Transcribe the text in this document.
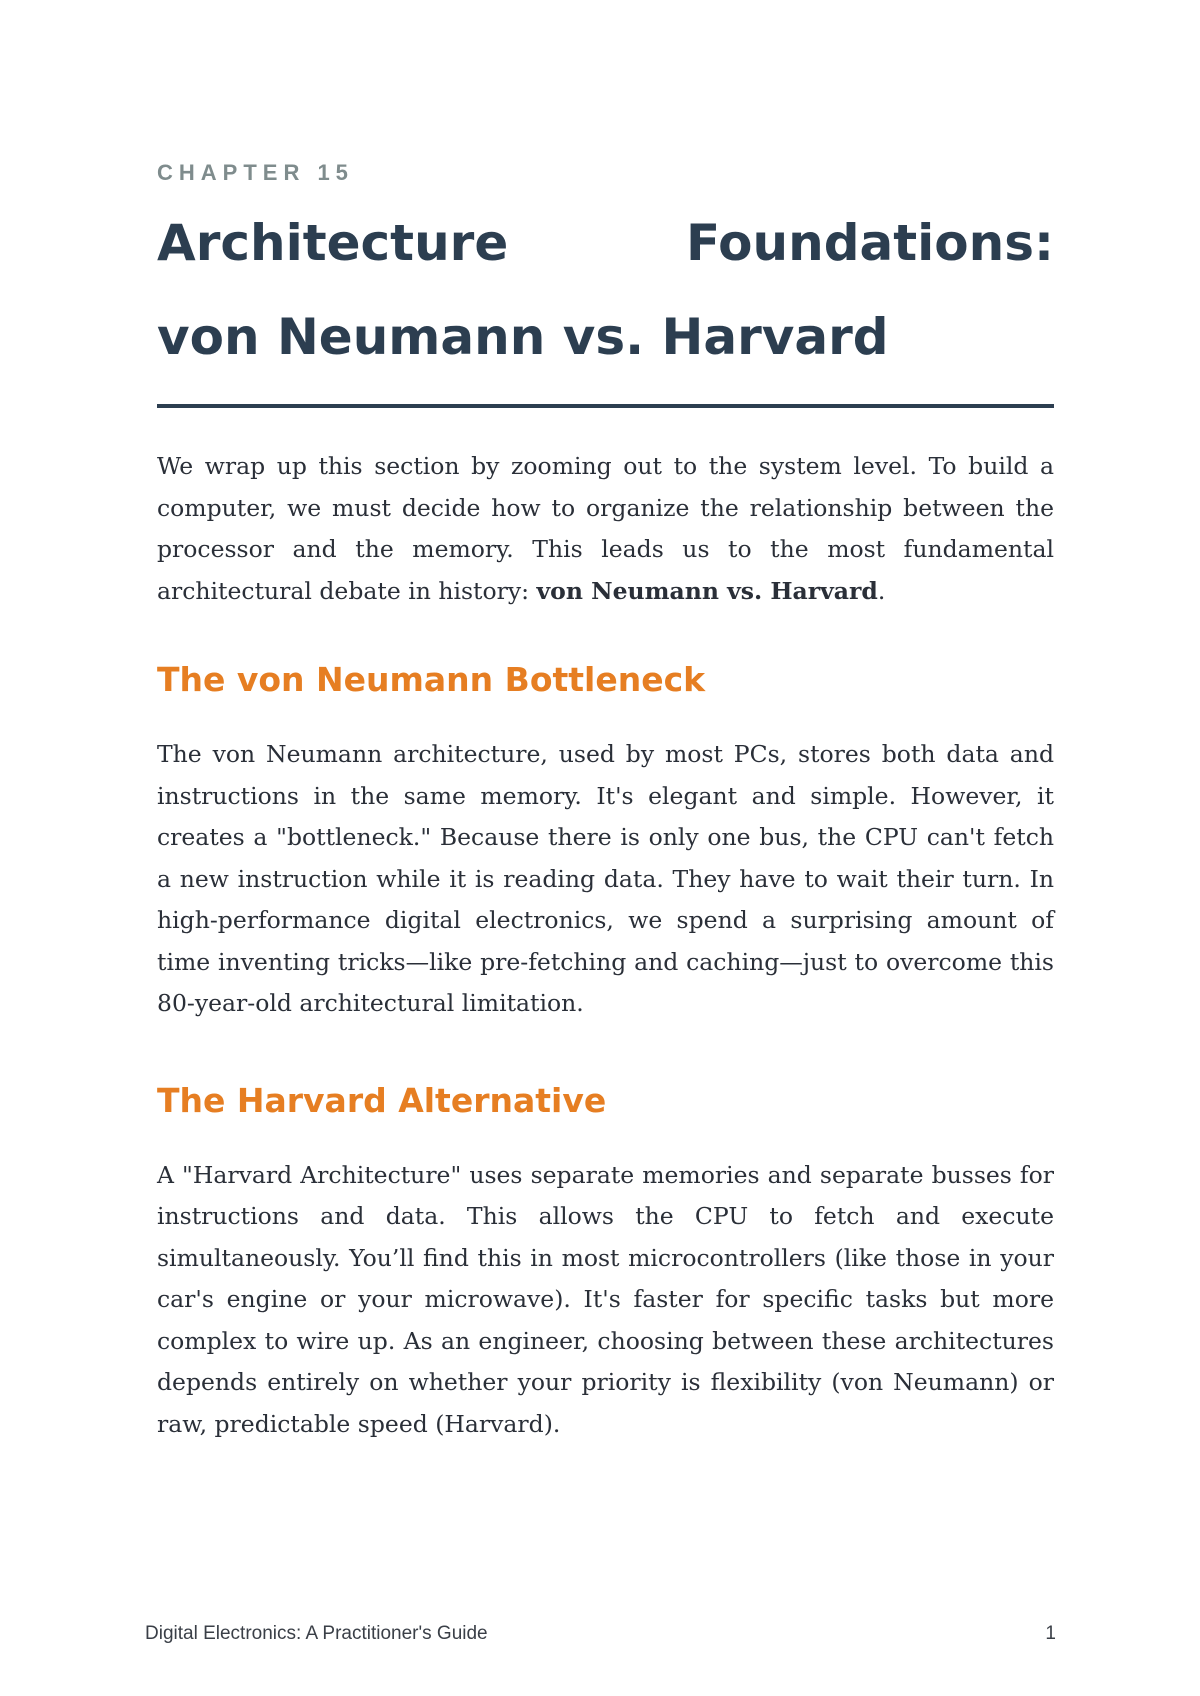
CHAPTER 15
Architecture	Foundations:
von Neumann vs. Harvard

We wrap up this section by zooming out to the system level. To build a computer, we must decide how to organize the relationship between the processor and the memory. This leads us to the most fundamental architectural debate in history: von Neumann vs. Harvard.

The von Neumann Bottleneck

The von Neumann architecture, used by most PCs, stores both data and instructions in the same memory. It's elegant and simple. However, it creates a "bottleneck." Because there is only one bus, the CPU can't fetch a new instruction while it is reading data. They have to wait their turn. In high-performance digital electronics, we spend a surprising amount of time inventing tricks—like pre-fetching and caching—just to overcome this 80-year-old architectural limitation.

The Harvard Alternative

A "Harvard Architecture" uses separate memories and separate busses for instructions and data. This allows the CPU to fetch and execute simultaneously. You’ll find this in most microcontrollers (like those in your car's engine or your microwave). It's faster for specific tasks but more complex to wire up. As an engineer, choosing between these architectures depends entirely on whether your priority is flexibility (von Neumann) or raw, predictable speed (Harvard).

Digital Electronics: A Practitioner's Guide	1
